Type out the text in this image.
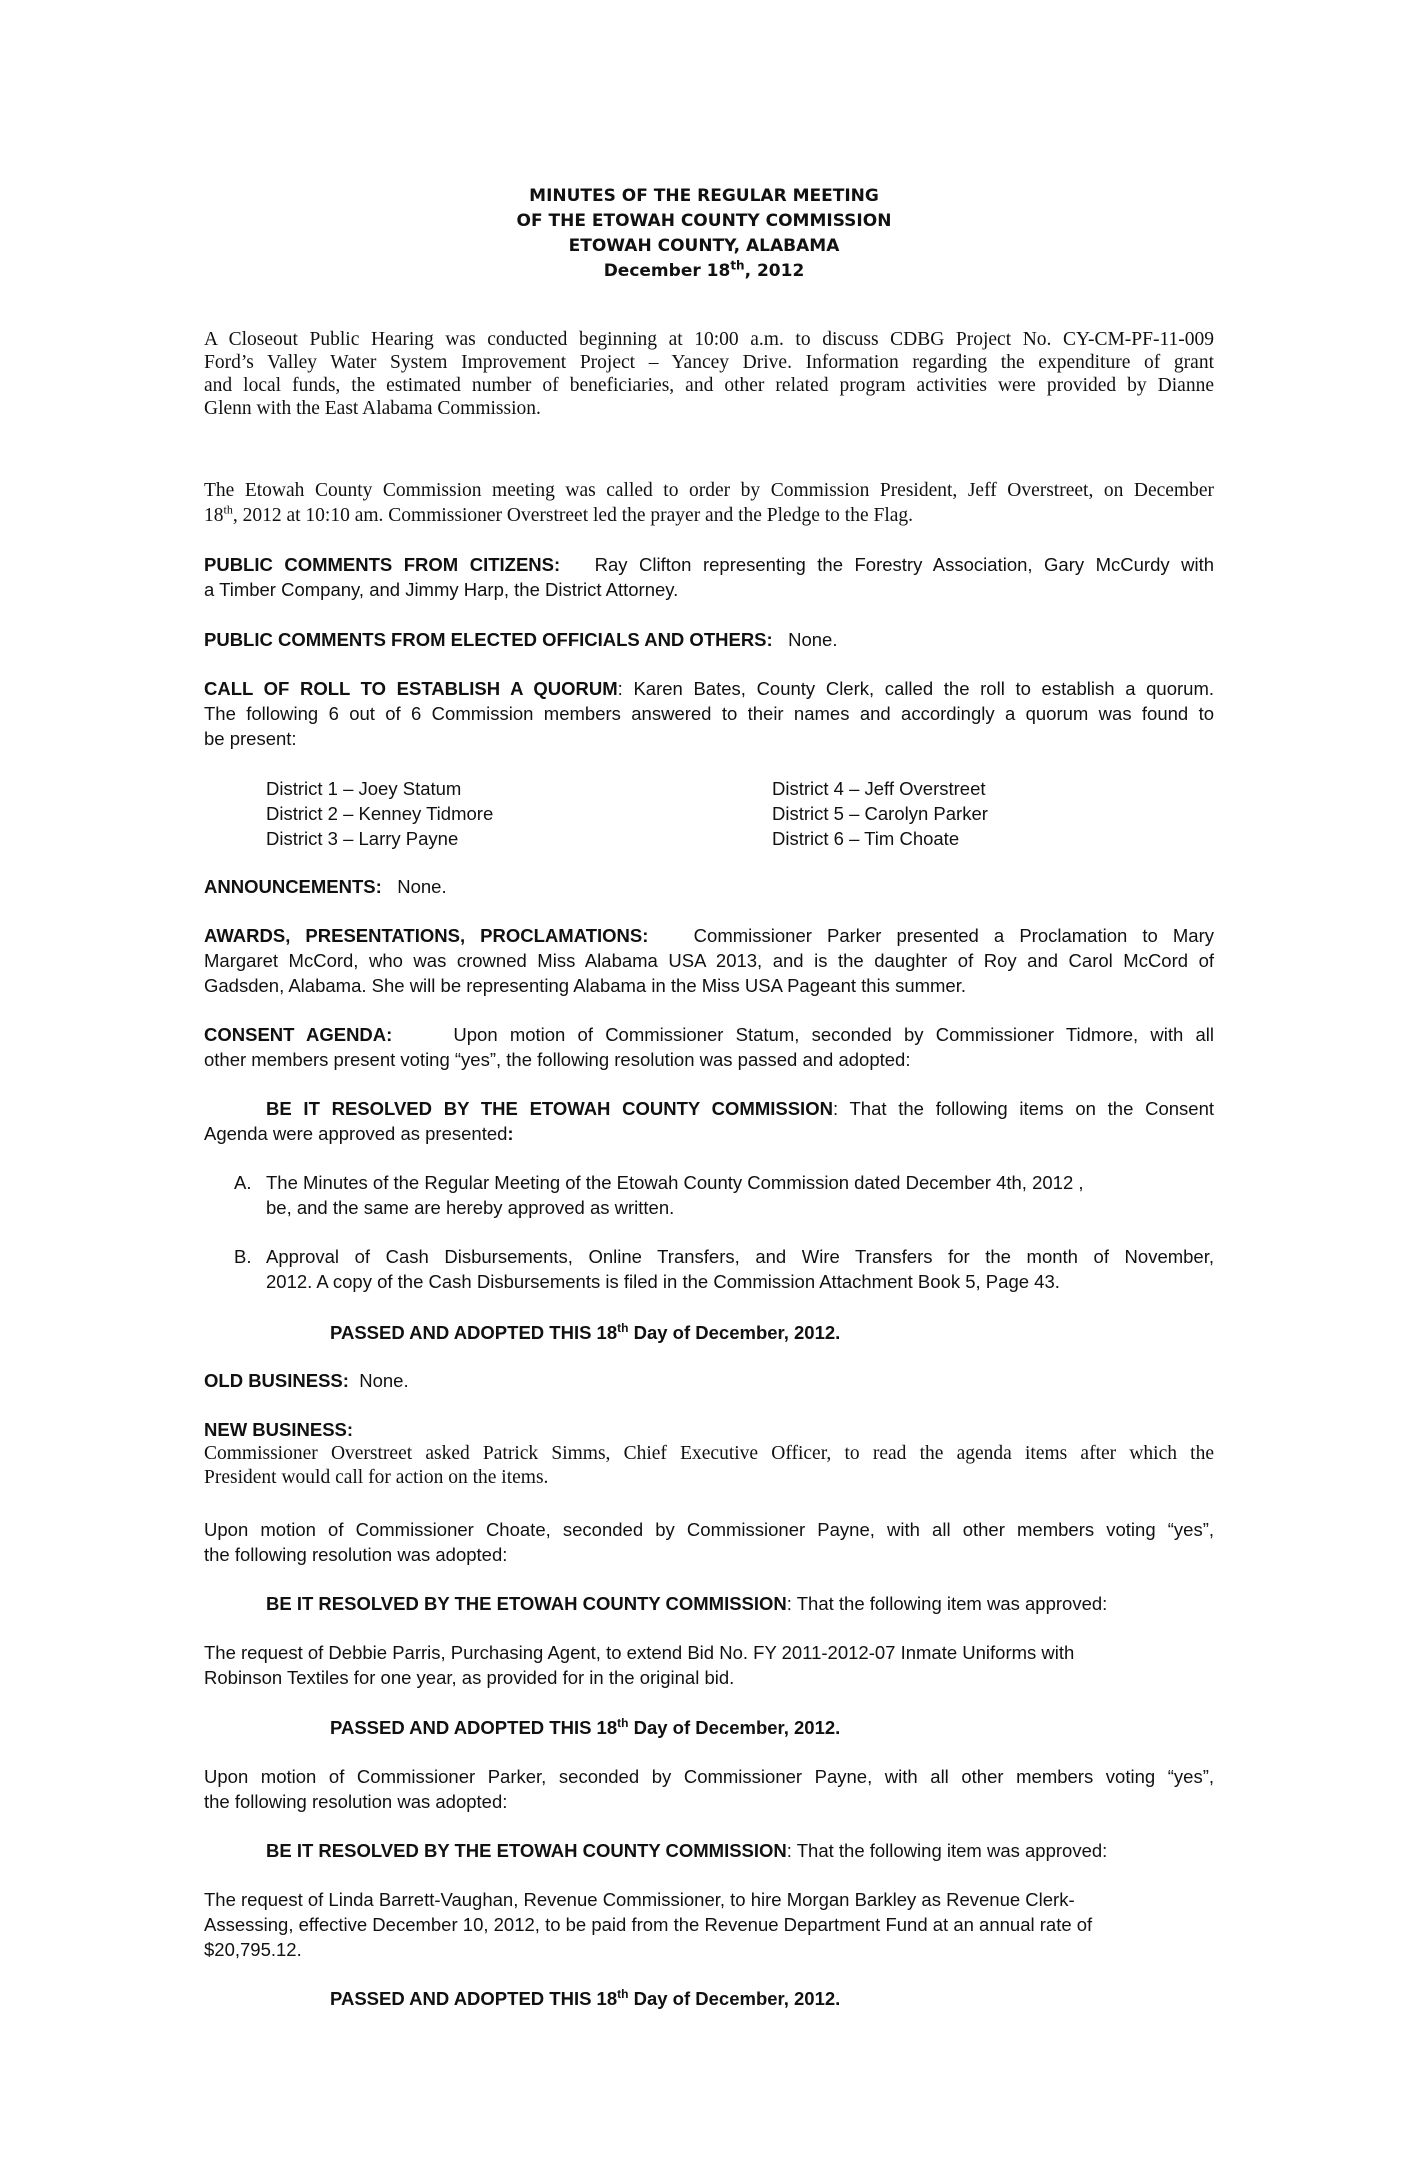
MINUTES OF THE REGULAR MEETING
OF THE ETOWAH COUNTY COMMISSION
ETOWAH COUNTY, ALABAMA
December 18th, 2012
A Closeout Public Hearing was conducted beginning at 10:00 a.m. to discuss CDBG Project No. CY-CM-PF-11-009
Ford’s Valley Water System Improvement Project – Yancey Drive. Information regarding the expenditure of grant
and local funds, the estimated number of beneficiaries, and other related program activities were provided by Dianne
Glenn with the East Alabama Commission.
The Etowah County Commission meeting was called to order by Commission President, Jeff Overstreet, on December
18th, 2012 at 10:10 am. Commissioner Overstreet led the prayer and the Pledge to the Flag.
PUBLIC COMMENTS FROM CITIZENS: Ray Clifton representing the Forestry Association, Gary McCurdy with
a Timber Company, and Jimmy Harp, the District Attorney.
PUBLIC COMMENTS FROM ELECTED OFFICIALS AND OTHERS: None.
CALL OF ROLL TO ESTABLISH A QUORUM: Karen Bates, County Clerk, called the roll to establish a quorum.
The following 6 out of 6 Commission members answered to their names and accordingly a quorum was found to
be present:
District 1 – Joey Statum
District 2 – Kenney Tidmore
District 3 – Larry Payne
District 4 – Jeff Overstreet
District 5 – Carolyn Parker
District 6 – Tim Choate
ANNOUNCEMENTS: None.
AWARDS, PRESENTATIONS, PROCLAMATIONS: Commissioner Parker presented a Proclamation to Mary
Margaret McCord, who was crowned Miss Alabama USA 2013, and is the daughter of Roy and Carol McCord of
Gadsden, Alabama. She will be representing Alabama in the Miss USA Pageant this summer.
CONSENT AGENDA:	Upon motion of Commissioner Statum, seconded by Commissioner Tidmore, with all
other members present voting “yes”, the following resolution was passed and adopted:
BE IT RESOLVED BY THE ETOWAH COUNTY COMMISSION: That the following items on the Consent
Agenda were approved as presented:
A. The Minutes of the Regular Meeting of the Etowah County Commission dated December 4th, 2012 ,
be, and the same are hereby approved as written.
B. Approval of Cash Disbursements, Online Transfers, and Wire Transfers for the month of November,
2012. A copy of the Cash Disbursements is filed in the Commission Attachment Book 5, Page 43.
PASSED AND ADOPTED THIS 18th Day of December, 2012.
OLD BUSINESS: None.
NEW BUSINESS:
Commissioner Overstreet asked Patrick Simms, Chief Executive Officer, to read the agenda items after which the
President would call for action on the items.
Upon motion of Commissioner Choate, seconded by Commissioner Payne, with all other members voting “yes”,
the following resolution was adopted:
BE IT RESOLVED BY THE ETOWAH COUNTY COMMISSION: That the following item was approved:
The request of Debbie Parris, Purchasing Agent, to extend Bid No. FY 2011-2012-07 Inmate Uniforms with
Robinson Textiles for one year, as provided for in the original bid.
PASSED AND ADOPTED THIS 18th Day of December, 2012.
Upon motion of Commissioner Parker, seconded by Commissioner Payne, with all other members voting “yes”,
the following resolution was adopted:
BE IT RESOLVED BY THE ETOWAH COUNTY COMMISSION: That the following item was approved:
The request of Linda Barrett-Vaughan, Revenue Commissioner, to hire Morgan Barkley as Revenue Clerk-
Assessing, effective December 10, 2012, to be paid from the Revenue Department Fund at an annual rate of
$20,795.12.
PASSED AND ADOPTED THIS 18th Day of December, 2012.
